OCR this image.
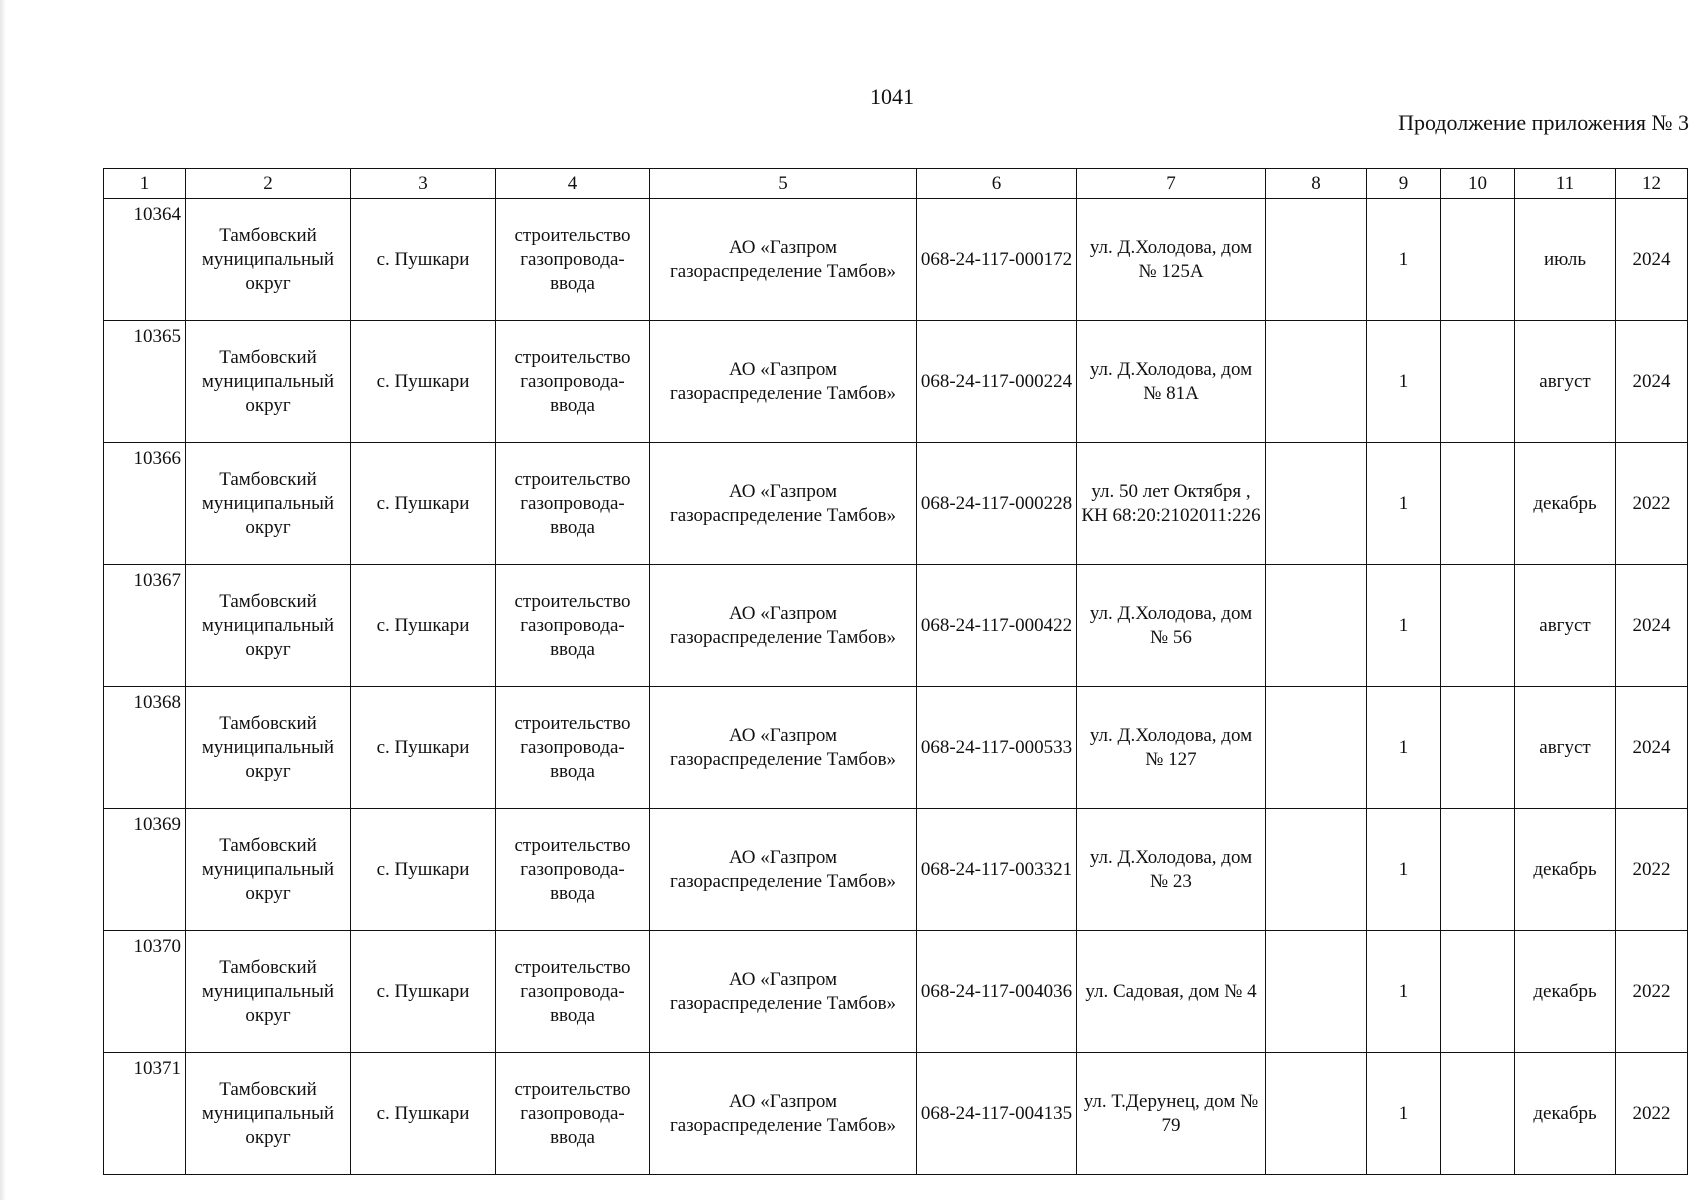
1041
Продолжение приложения № 3
1	2	3	4	5	6	7	8	9	10	11	12
10364	Тамбовский муниципальный округ	с. Пушкари	строительство газопровода-ввода	АО «Газпром газораспределение Тамбов»	068-24-117-000172	ул. Д.Холодова, дом № 125А		1		июль	2024
10365	Тамбовский муниципальный округ	с. Пушкари	строительство газопровода-ввода	АО «Газпром газораспределение Тамбов»	068-24-117-000224	ул. Д.Холодова, дом № 81А		1		август	2024
10366	Тамбовский муниципальный округ	с. Пушкари	строительство газопровода-ввода	АО «Газпром газораспределение Тамбов»	068-24-117-000228	ул. 50 лет Октября , КН 68:20:2102011:226		1		декабрь	2022
10367	Тамбовский муниципальный округ	с. Пушкари	строительство газопровода-ввода	АО «Газпром газораспределение Тамбов»	068-24-117-000422	ул. Д.Холодова, дом № 56		1		август	2024
10368	Тамбовский муниципальный округ	с. Пушкари	строительство газопровода-ввода	АО «Газпром газораспределение Тамбов»	068-24-117-000533	ул. Д.Холодова, дом № 127		1		август	2024
10369	Тамбовский муниципальный округ	с. Пушкари	строительство газопровода-ввода	АО «Газпром газораспределение Тамбов»	068-24-117-003321	ул. Д.Холодова, дом № 23		1		декабрь	2022
10370	Тамбовский муниципальный округ	с. Пушкари	строительство газопровода-ввода	АО «Газпром газораспределение Тамбов»	068-24-117-004036	ул. Садовая, дом № 4		1		декабрь	2022
10371	Тамбовский муниципальный округ	с. Пушкари	строительство газопровода-ввода	АО «Газпром газораспределение Тамбов»	068-24-117-004135	ул. Т.Дерунец, дом № 79		1		декабрь	2022
